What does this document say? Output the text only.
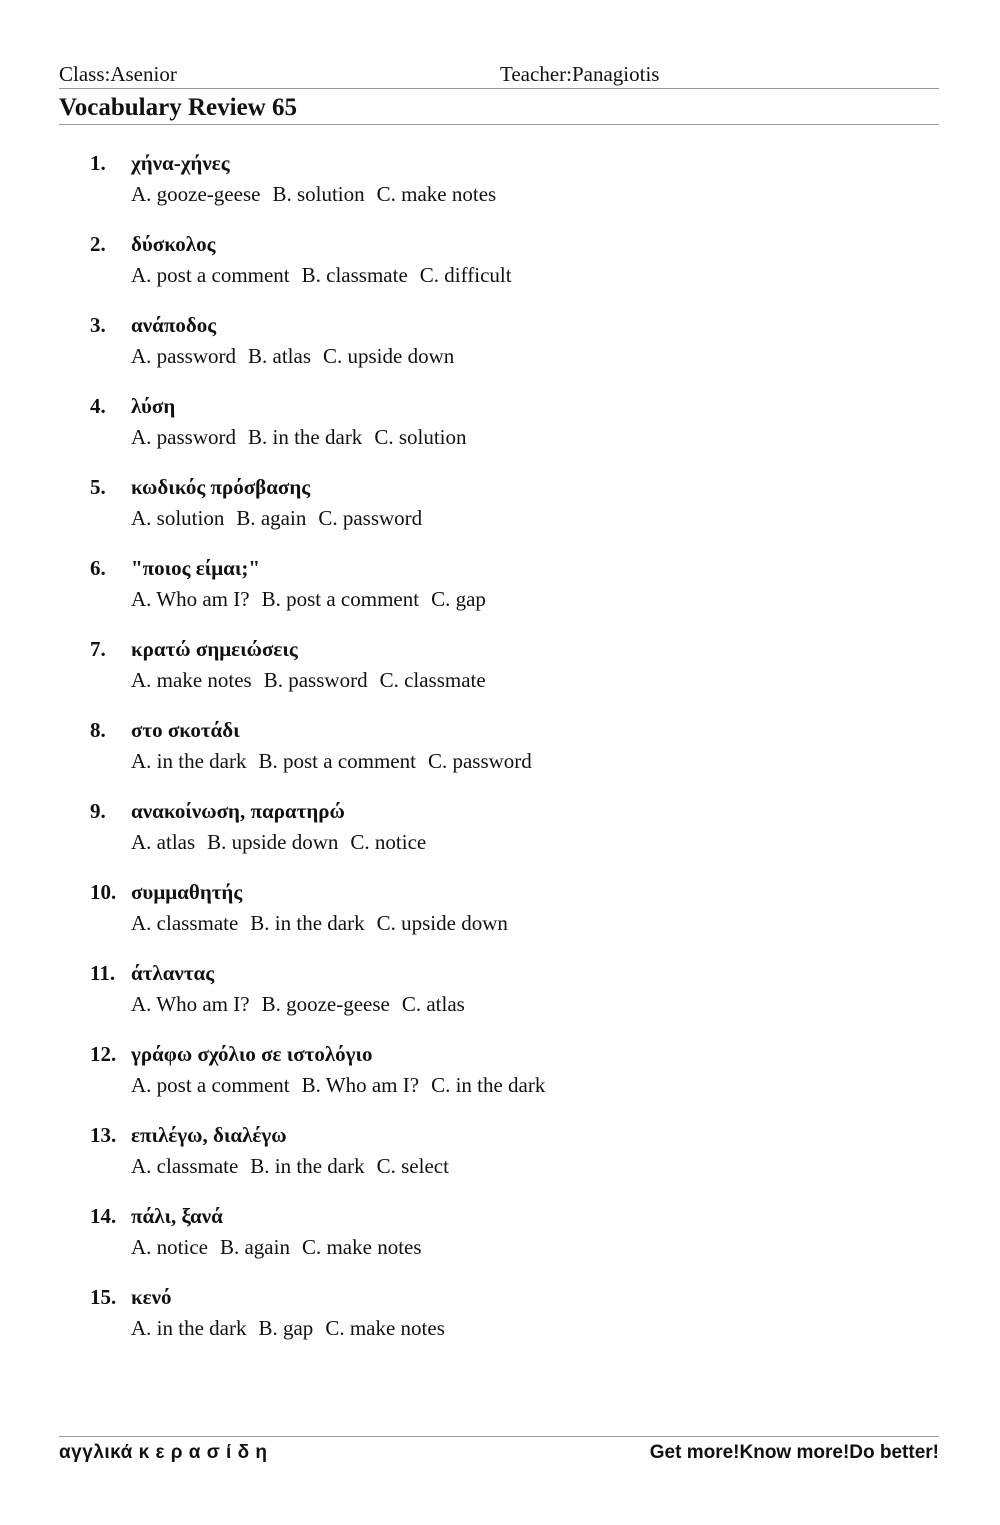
Class:Asenior	Teacher:Panagiotis
Vocabulary Review 65
1. χήνα-χήνες
A. gooze-geese B. solution C. make notes
2. δύσκολος
A. post a comment B. classmate C. difficult
3. ανάποδος
A. password B. atlas C. upside down
4. λύση
A. password B. in the dark C. solution
5. κωδικός πρόσβασης
A. solution B. again C. password
6. "ποιος είμαι;"
A. Who am I? B. post a comment C. gap
7. κρατώ σημειώσεις
A. make notes B. password C. classmate
8. στο σκοτάδι
A. in the dark B. post a comment C. password
9. ανακοίνωση, παρατηρώ
A. atlas B. upside down C. notice
10. συμμαθητής
A. classmate B. in the dark C. upside down
11. άτλαντας
A. Who am I? B. gooze-geese C. atlas
12. γράφω σχόλιο σε ιστολόγιο
A. post a comment B. Who am I? C. in the dark
13. επιλέγω, διαλέγω
A. classmate B. in the dark C. select
14. πάλι, ξανά
A. notice B. again C. make notes
15. κενό
A. in the dark B. gap C. make notes
αγγλικά κ ε ρ α σ ί δ η	Get more!Know more!Do better!
